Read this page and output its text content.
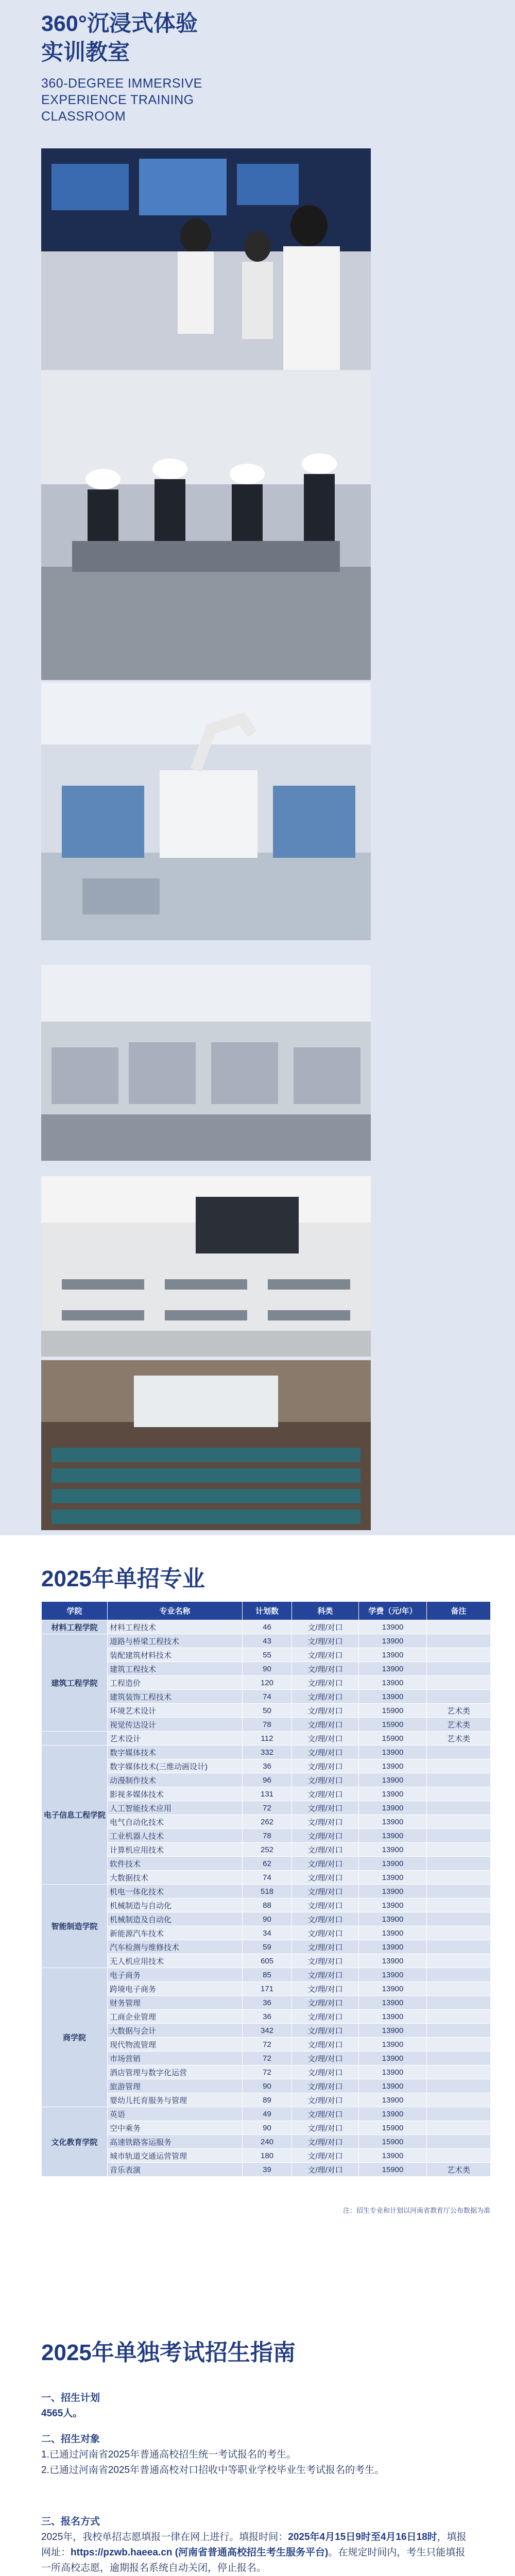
360°沉浸式体验
实训教室
360-DEGREE IMMERSIVE
EXPERIENCE TRAINING
CLASSROOM
2025年单招专业
学院	专业名称	计划数	科类	学费（元/年）	备注
材料工程学院	材料工程技术	46	文/理/对口	13900	
建筑工程学院	道路与桥梁工程技术	43	文/理/对口	13900	
	装配建筑材料技术	55	文/理/对口	13900	
	建筑工程技术	90	文/理/对口	13900	
	工程造价	120	文/理/对口	13900	
	建筑装饰工程技术	74	文/理/对口	13900	
	环境艺术设计	50	文/理/对口	15900	艺术类
	视觉传达设计	78	文/理/对口	15900	艺术类
	艺术设计	112	文/理/对口	15900	艺术类
电子信息工程学院	数字媒体技术	332	文/理/对口	13900	
	数字媒体技术(三维动画设计)	36	文/理/对口	13900	
	动漫制作技术	96	文/理/对口	13900	
	影视多媒体技术	131	文/理/对口	13900	
	人工智能技术应用	72	文/理/对口	13900	
	电气自动化技术	262	文/理/对口	13900	
	工业机器人技术	78	文/理/对口	13900	
	计算机应用技术	252	文/理/对口	13900	
	软件技术	62	文/理/对口	13900	
	大数据技术	74	文/理/对口	13900	
智能制造学院	机电一体化技术	518	文/理/对口	13900	
	机械制造与自动化	88	文/理/对口	13900	
	机械制造及自动化	90	文/理/对口	13900	
	新能源汽车技术	34	文/理/对口	13900	
	汽车检测与维修技术	59	文/理/对口	13900	
	无人机应用技术	605	文/理/对口	13900	
商学院	电子商务	85	文/理/对口	13900	
	跨境电子商务	171	文/理/对口	13900	
	财务管理	36	文/理/对口	13900	
	工商企业管理	36	文/理/对口	13900	
	大数据与会计	342	文/理/对口	13900	
	现代物流管理	72	文/理/对口	13900	
	市场营销	72	文/理/对口	13900	
	酒店管理与数字化运营	72	文/理/对口	13900	
	旅游管理	90	文/理/对口	13900	
	婴幼儿托育服务与管理	89	文/理/对口	13900	
文化教育学院	英语	49	文/理/对口	13900	
	空中乘务	90	文/理/对口	15900	
	高速铁路客运服务	240	文/理/对口	15900	
	城市轨道交通运营管理	180	文/理/对口	13900	
	音乐表演	39	文/理/对口	15900	艺术类
注：招生专业和计划以河南省教育厅公布数据为准
2025年单独考试招生指南
一、招生计划
4565人。
二、招生对象
1.已通过河南省2025年普通高校招生统一考试报名的考生。
2.已通过河南省2025年普通高校对口招收中等职业学校毕业生考试报名的考生。
三、报名方式
2025年，我校单招志愿填报一律在网上进行。填报时间：2025年4月15日9时至4月16日18时，填报网址：https://pzwb.haeea.cn (河南省普通高校招生考生服务平台)。在规定时间内，考生只能填报一所高校志愿，逾期报名系统自动关闭，停止报名。
